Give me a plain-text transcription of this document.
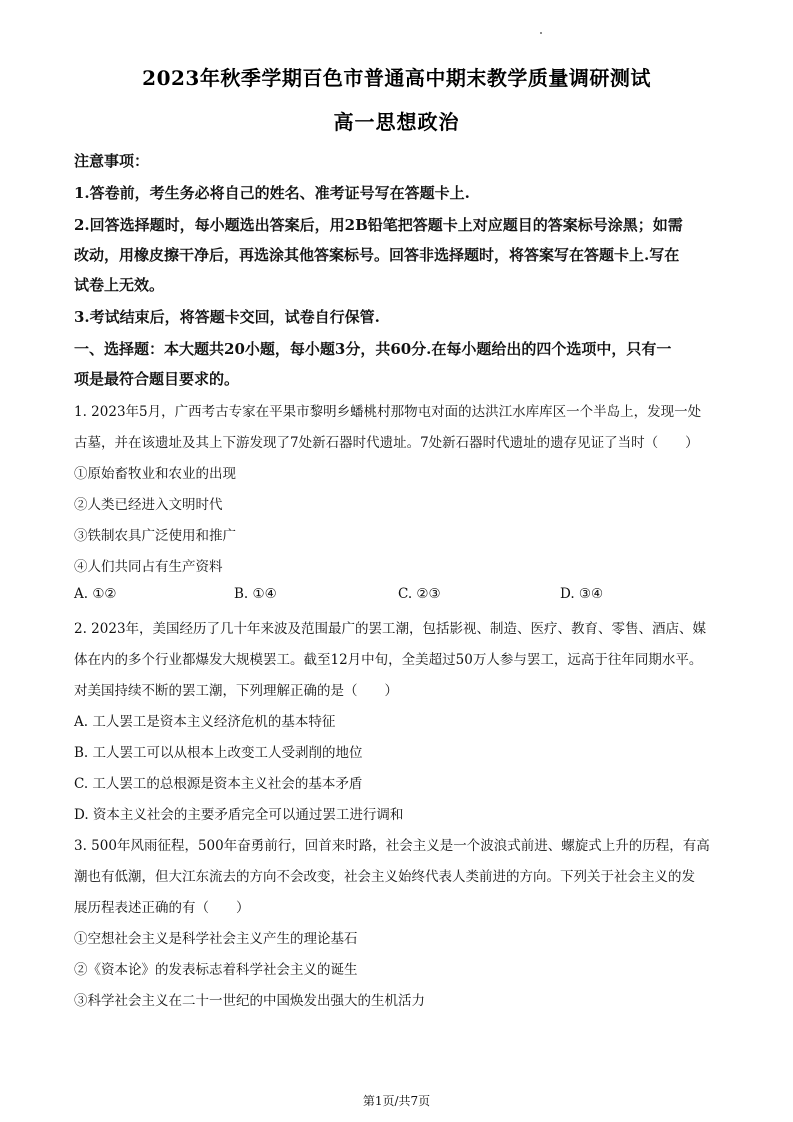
2023年秋季学期百色市普通高中期末教学质量调研测试
高一思想政治
注意事项：
1.答卷前，考生务必将自己的姓名、准考证号写在答题卡上.
2.回答选择题时，每小题选出答案后，用2B铅笔把答题卡上对应题目的答案标号涂黑；如需
改动，用橡皮擦干净后，再选涂其他答案标号。回答非选择题时，将答案写在答题卡上.写在
试卷上无效。
3.考试结束后，将答题卡交回，试卷自行保管.
一、选择题：本大题共20小题，每小题3分，共60分.在每小题给出的四个选项中，只有一
项是最符合题目要求的。
1. 2023年5月，广西考古专家在平果市黎明乡蟠桃村那物屯对面的达洪江水库库区一个半岛上，发现一处
古墓，并在该遗址及其上下游发现了7处新石器时代遗址。7处新石器时代遗址的遗存见证了当时（　　）
①原始畜牧业和农业的出现
②人类已经进入文明时代
③铁制农具广泛使用和推广
④人们共同占有生产资料
A. ①②	B. ①④	C. ②③	D. ③④
2. 2023年，美国经历了几十年来波及范围最广的罢工潮，包括影视、制造、医疗、教育、零售、酒店、媒
体在内的多个行业都爆发大规模罢工。截至12月中旬，全美超过50万人参与罢工，远高于往年同期水平。
对美国持续不断的罢工潮，下列理解正确的是（　　）
A. 工人罢工是资本主义经济危机的基本特征
B. 工人罢工可以从根本上改变工人受剥削的地位
C. 工人罢工的总根源是资本主义社会的基本矛盾
D. 资本主义社会的主要矛盾完全可以通过罢工进行调和
3. 500年风雨征程，500年奋勇前行，回首来时路，社会主义是一个波浪式前进、螺旋式上升的历程，有高
潮也有低潮，但大江东流去的方向不会改变，社会主义始终代表人类前进的方向。下列关于社会主义的发
展历程表述正确的有（　　）
①空想社会主义是科学社会主义产生的理论基石
②《资本论》的发表标志着科学社会主义的诞生
③科学社会主义在二十一世纪的中国焕发出强大的生机活力
第1页/共7页
